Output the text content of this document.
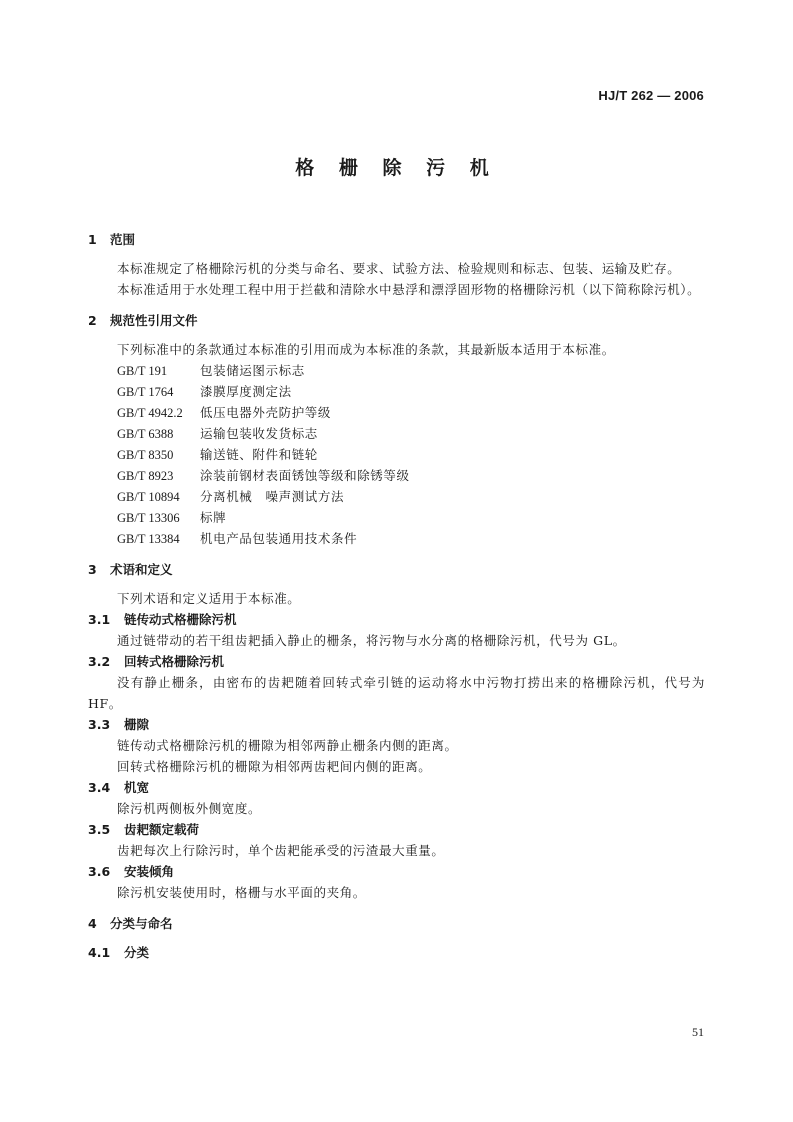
HJ/T 262 — 2006
格 栅 除 污 机
1 范围

本标准规定了格栅除污机的分类与命名、要求、试验方法、检验规则和标志、包装、运输及贮存。

本标准适用于水处理工程中用于拦截和清除水中悬浮和漂浮固形物的格栅除污机（以下简称除污机）。

2 规范性引用文件

下列标准中的条款通过本标准的引用而成为本标准的条款，其最新版本适用于本标准。

GB/T 191	包装储运图示标志
GB/T 1764 漆膜厚度测定法
GB/T 4942.2 低压电器外壳防护等级
GB/T 6388 运输包装收发货标志
GB/T 8350 输送链、附件和链轮
GB/T 8923 涂装前钢材表面锈蚀等级和除锈等级
GB/T 10894 分离机械　噪声测试方法
GB/T 13306 标牌
GB/T 13384 机电产品包装通用技术条件
3 术语和定义

下列术语和定义适用于本标准。

3.1 链传动式格栅除污机

通过链带动的若干组齿耙插入静止的栅条，将污物与水分离的格栅除污机，代号为 GL。

3.2 回转式格栅除污机

没有静止栅条，由密布的齿耙随着回转式牵引链的运动将水中污物打捞出来的格栅除污机，代号为 HF。

3.3 栅隙

链传动式格栅除污机的栅隙为相邻两静止栅条内侧的距离。

回转式格栅除污机的栅隙为相邻两齿耙间内侧的距离。

3.4 机宽

除污机两侧板外侧宽度。

3.5 齿耙额定载荷

齿耙每次上行除污时，单个齿耙能承受的污渣最大重量。

3.6 安装倾角

除污机安装使用时，格栅与水平面的夹角。

4 分类与命名
4.1 分类
51
